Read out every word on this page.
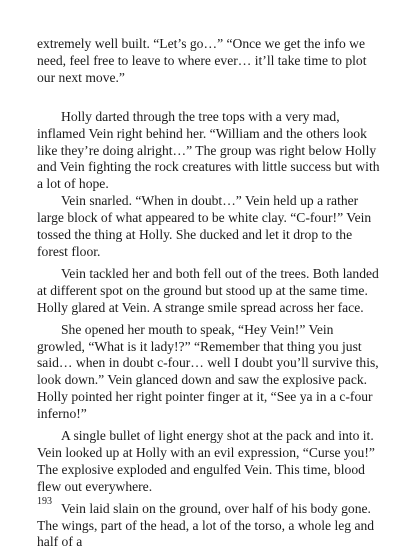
extremely well built. “Let’s go…” “Once we get the info we need, feel free to leave to where ever… it’ll take time to plot our next move.”

Holly darted through the tree tops with a very mad, inflamed Vein right behind her. “William and the others look like they’re doing alright…” The group was right below Holly and Vein fighting the rock creatures with little success but with a lot of hope.

Vein snarled. “When in doubt…” Vein held up a rather large block of what appeared to be white clay. “C-four!” Vein tossed the thing at Holly. She ducked and let it drop to the forest floor.

Vein tackled her and both fell out of the trees. Both landed at different spot on the ground but stood up at the same time. Holly glared at Vein. A strange smile spread across her face.

She opened her mouth to speak, “Hey Vein!” Vein growled, “What is it lady!?” “Remember that thing you just said… when in doubt c-four… well I doubt you’ll survive this, look down.” Vein glanced down and saw the explosive pack. Holly pointed her right pointer finger at it, “See ya in a c-four inferno!”

A single bullet of light energy shot at the pack and into it. Vein looked up at Holly with an evil expression, “Curse you!” The explosive exploded and engulfed Vein. This time, blood flew out everywhere.

Vein laid slain on the ground, over half of his body gone. The wings, part of the head, a lot of the torso, a whole leg and half of a

193
